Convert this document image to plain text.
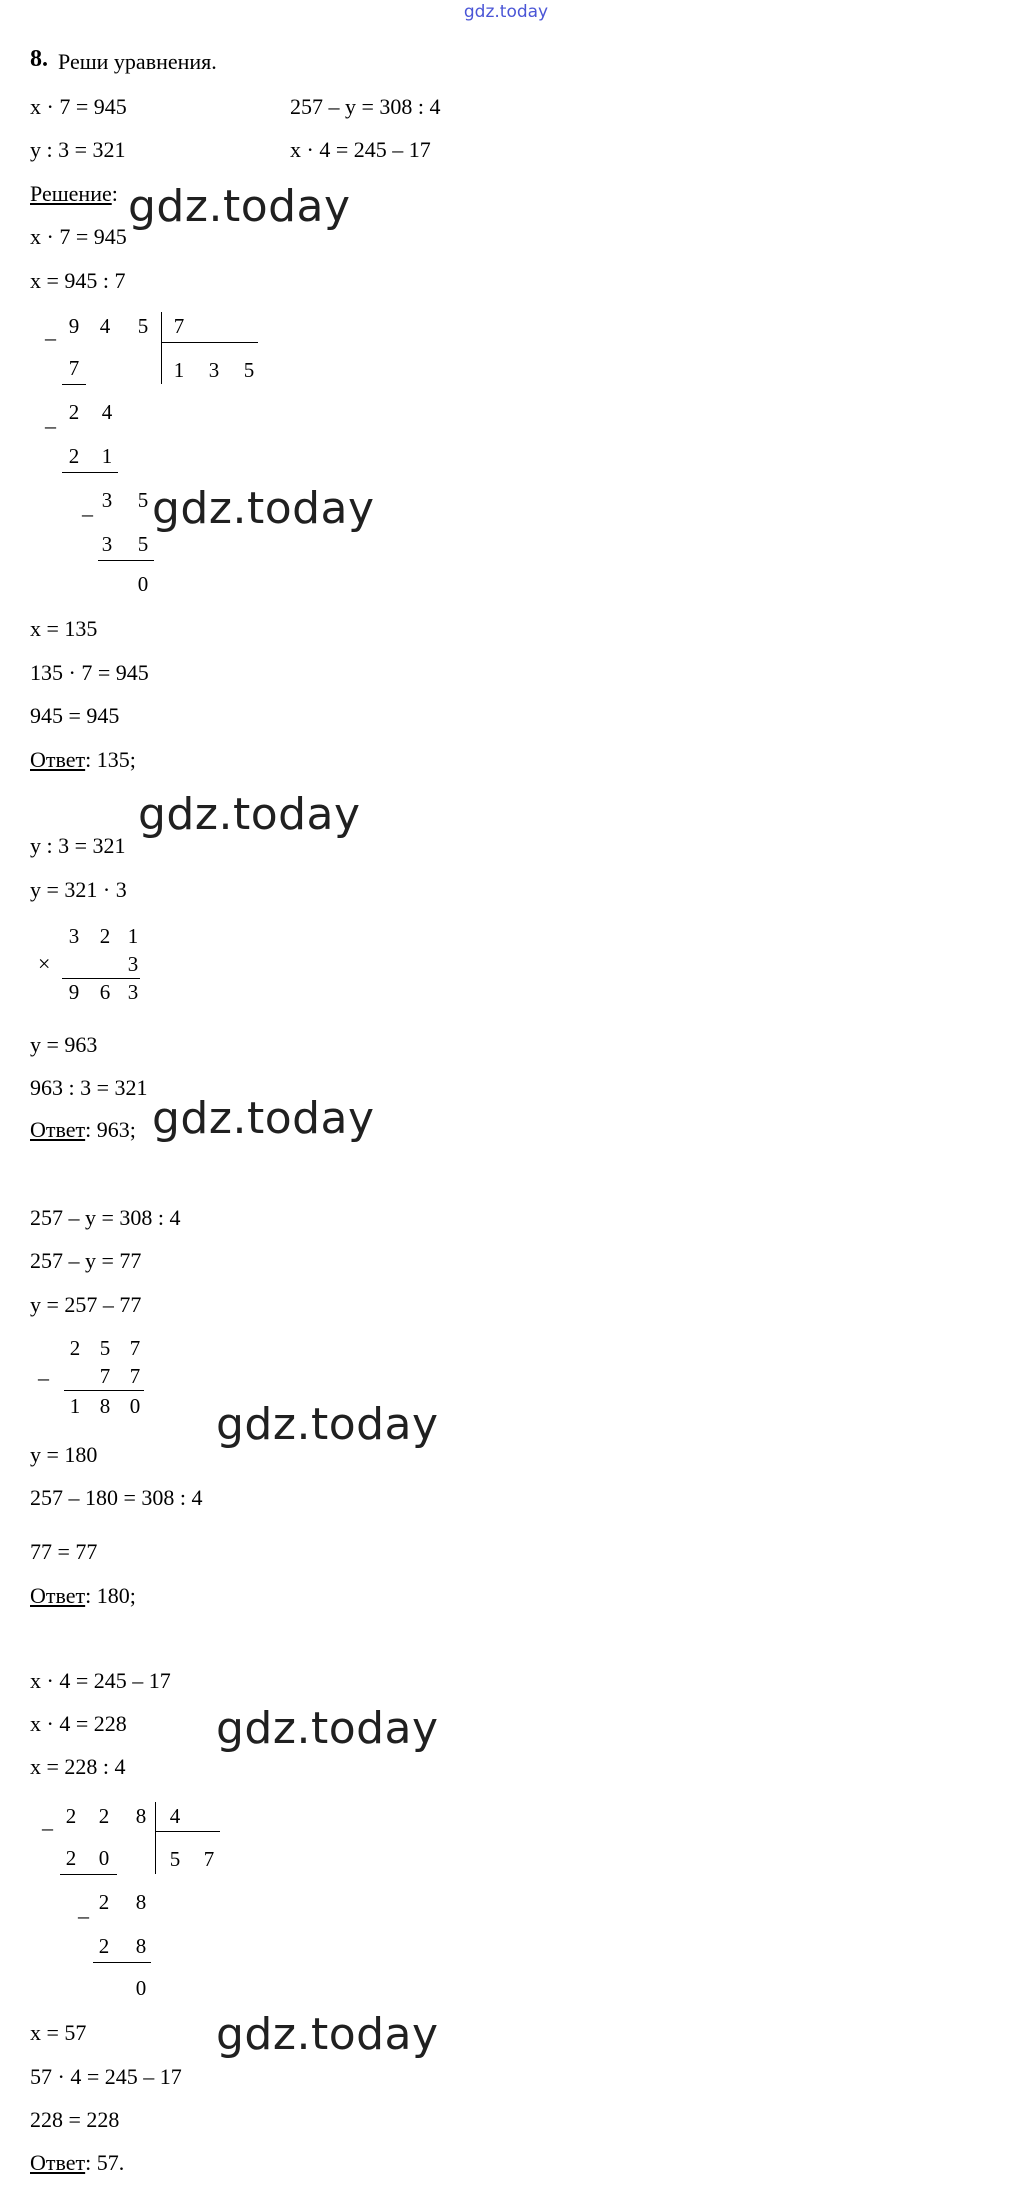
gdz.today
8. Реши уравнения.
x · 7 = 945	257 – y = 308 : 4
y : 3 = 321	x · 4 = 245 – 17
Решение: gdz.today
gdz.today
gdz.today
gdz.today
gdz.today
gdz.today
gdz.today
x · 7 = 945
x = 945 : 7
– 9 4 5 7
1 3 5
7
–
2 4
2 1
–
3 5
3 5
0
x = 135
135 · 7 = 945
945 = 945
Ответ: 135;
y : 3 = 321
y = 321 · 3
3 2 1
×	3
9 6 3
y = 963
963 : 3 = 321
Ответ: 963;
257 – y = 308 : 4
257 – y = 77
y = 257 – 77
2 5 7
– 7 7
1 8 0
y = 180
257 – 180 = 308 : 4
77 = 77
Ответ: 180;
x · 4 = 245 – 17
x · 4 = 228
x = 228 : 4
– 2 2 8 4
5 7
2 0
–
2 8
2 8
0
x = 57
57 · 4 = 245 – 17
228 = 228
Ответ: 57.
